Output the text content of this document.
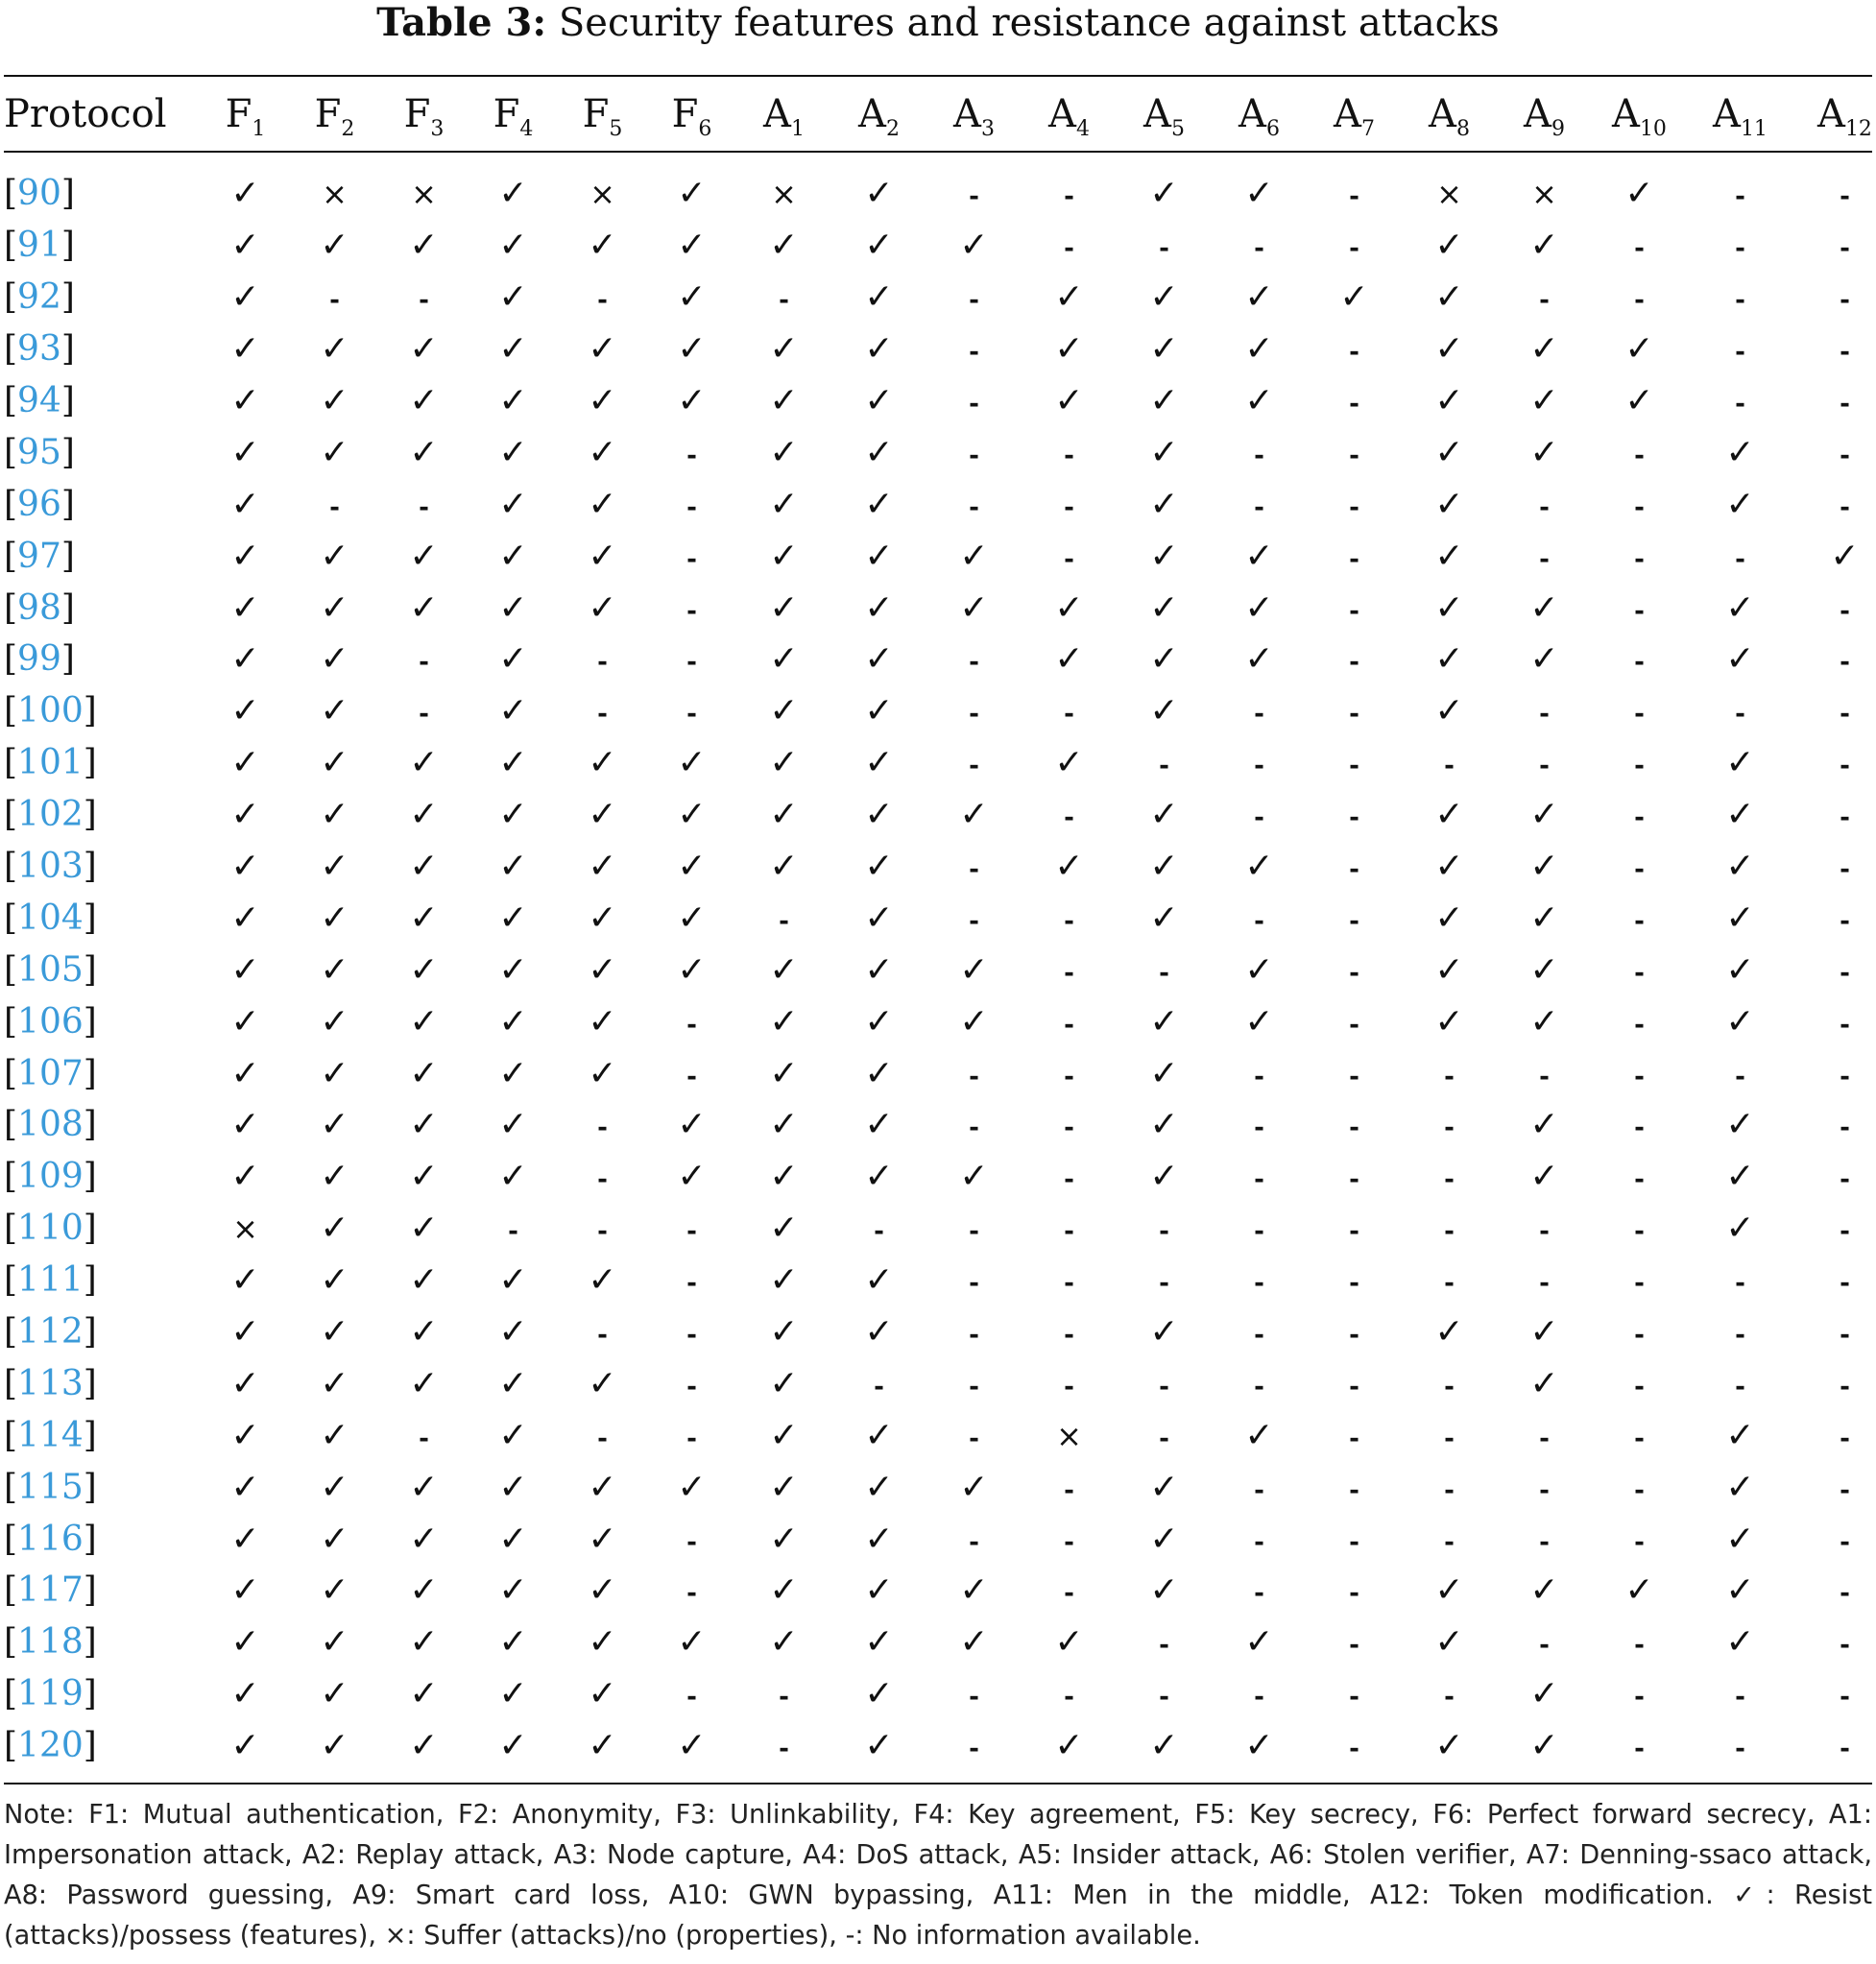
Table 3: Security features and resistance against attacks
Protocol	$F_1$	$F_2$	$F_3$	$F_4$	$F_5$	$F_6$	$A_1$	$A_2$	$A_3$	$A_4$	$A_5$	$A_6$	$A_7$	$A_8$	$A_9$	$A_{10}$	$A_{11}$	$A_{12}$

[90]	✓	×	×	✓	×	✓	×	✓	-	-	✓	✓	-	×	×	✓	-	-
[91]	✓	✓	✓	✓	✓	✓	✓	✓	✓	-	-	-	-	✓	✓	-	-	-
[92]	✓	-	-	✓	-	✓	-	✓	-	✓	✓	✓	✓	✓	-	-	-	-
[93]	✓	✓	✓	✓	✓	✓	✓	✓	-	✓	✓	✓	-	✓	✓	✓	-	-
[94]	✓	✓	✓	✓	✓	✓	✓	✓	-	✓	✓	✓	-	✓	✓	✓	-	-
[95]	✓	✓	✓	✓	✓	-	✓	✓	-	-	✓	-	-	✓	✓	-	✓	-
[96]	✓	-	-	✓	✓	-	✓	✓	-	-	✓	-	-	✓	-	-	✓	-
[97]	✓	✓	✓	✓	✓	-	✓	✓	✓	-	✓	✓	-	✓	-	-	-	✓
[98]	✓	✓	✓	✓	✓	-	✓	✓	✓	✓	✓	✓	-	✓	✓	-	✓	-
[99]	✓	✓	-	✓	-	-	✓	✓	-	✓	✓	✓	-	✓	✓	-	✓	-
[100]	✓	✓	-	✓	-	-	✓	✓	-	-	✓	-	-	✓	-	-	-	-
[101]	✓	✓	✓	✓	✓	✓	✓	✓	-	✓	-	-	-	-	-	-	✓	-
[102]	✓	✓	✓	✓	✓	✓	✓	✓	✓	-	✓	-	-	✓	✓	-	✓	-
[103]	✓	✓	✓	✓	✓	✓	✓	✓	-	✓	✓	✓	-	✓	✓	-	✓	-
[104]	✓	✓	✓	✓	✓	✓	-	✓	-	-	✓	-	-	✓	✓	-	✓	-
[105]	✓	✓	✓	✓	✓	✓	✓	✓	✓	-	-	✓	-	✓	✓	-	✓	-
[106]	✓	✓	✓	✓	✓	-	✓	✓	✓	-	✓	✓	-	✓	✓	-	✓	-
[107]	✓	✓	✓	✓	✓	-	✓	✓	-	-	✓	-	-	-	-	-	-	-
[108]	✓	✓	✓	✓	-	✓	✓	✓	-	-	✓	-	-	-	✓	-	✓	-
[109]	✓	✓	✓	✓	-	✓	✓	✓	✓	-	✓	-	-	-	✓	-	✓	-
[110]	×	✓	✓	-	-	-	✓	-	-	-	-	-	-	-	-	-	✓	-
[111]	✓	✓	✓	✓	✓	-	✓	✓	-	-	-	-	-	-	-	-	-	-
[112]	✓	✓	✓	✓	-	-	✓	✓	-	-	✓	-	-	✓	✓	-	-	-
[113]	✓	✓	✓	✓	✓	-	✓	-	-	-	-	-	-	-	✓	-	-	-
[114]	✓	✓	-	✓	-	-	✓	✓	-	×	-	✓	-	-	-	-	✓	-
[115]	✓	✓	✓	✓	✓	✓	✓	✓	✓	-	✓	-	-	-	-	-	✓	-
[116]	✓	✓	✓	✓	✓	-	✓	✓	-	-	✓	-	-	-	-	-	✓	-
[117]	✓	✓	✓	✓	✓	-	✓	✓	✓	-	✓	-	-	✓	✓	✓	✓	-
[118]	✓	✓	✓	✓	✓	✓	✓	✓	✓	✓	-	✓	-	✓	-	-	✓	-
[119]	✓	✓	✓	✓	✓	-	-	✓	-	-	-	-	-	-	✓	-	-	-
[120]	✓	✓	✓	✓	✓	✓	-	✓	-	✓	✓	✓	-	✓	✓	-	-	-
Note: F1: Mutual authentication, F2: Anonymity, F3: Unlinkability, F4: Key agreement, F5: Key secrecy, F6: Perfect forward secrecy, A1: Impersonation attack, A2: Replay attack, A3: Node capture, A4: DoS attack, A5: Insider attack, A6: Stolen verifier, A7: Denning-ssaco attack, A8: Password guessing, A9: Smart card loss, A10: GWN bypassing, A11: Men in the middle, A12: Token modification. ✓: Resist (attacks)/possess (features), ×: Suffer (attacks)/no (properties), -: No information available.
